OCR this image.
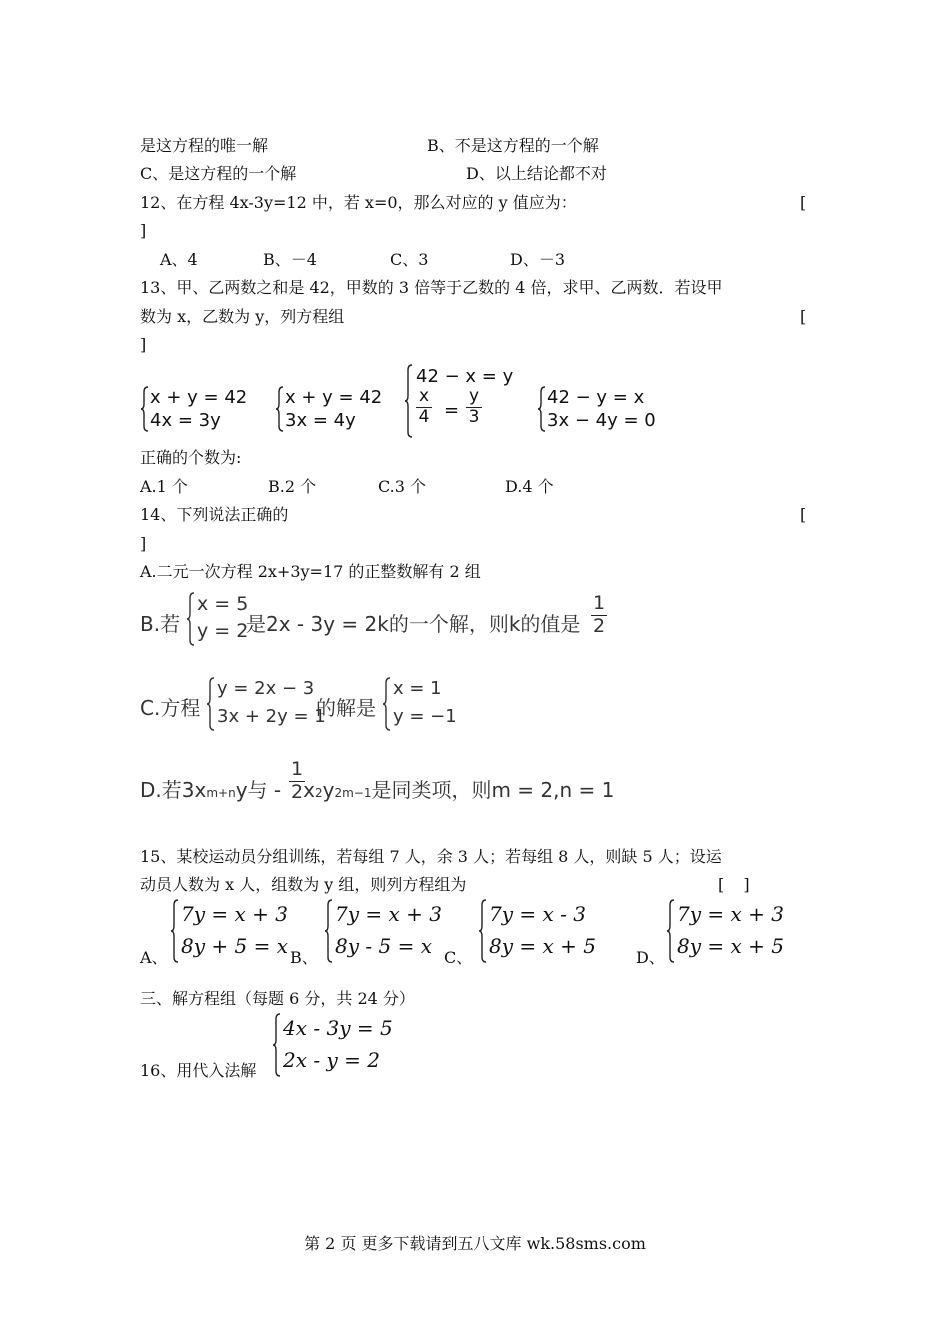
是这方程的唯一解	B、不是这方程的一个解
C、是这方程的一个解	D、以上结论都不对
12、在方程 4x-3y=12 中，若 x=0，那么对应的 y 值应为：	[
]
A、4	B、－4	C、3	D、－3
13、甲、乙两数之和是 42，甲数的 3 倍等于乙数的 4 倍，求甲、乙两数．若设甲
数为 x，乙数为 y，列方程组	[
]
x + y = 42
4x = 3y
x + y = 42
3x = 4y
42 − x = y
x
4 =
y
3
42 − y = x
3x − 4y = 0
正确的个数为:
A.1 个	B.2 个	C.3 个	D.4 个
14、下列说法正确的	[
]
A.二元一次方程 2x+3y=17 的正整数解有 2 组
B.若
x = 5
y = 2
是2x - 3y = 2k的一个解，则k的值是
1
2
C.方程
y = 2x − 3
3x + 2y = 1
的解是
x = 1
y = −1
D.若$3x^{m+n}y$与 - $x^2y^{2m-1}$是同类项，则m = 2,n = 1
1
2
15、某校运动员分组训练，若每组 7 人，余 3 人；若每组 8 人，则缺 5 人；设运
动员人数为 x 人，组数为 y 组，则列方程组为	[ ]
A、
7y = x + 3
8y + 5 = x B、
7y = x + 3
8y - 5 = x C、
7y = x - 3
8y = x + 5	D、
7y = x + 3
8y = x + 5
三、解方程组（每题 6 分，共 24 分）
16、用代入法解
4x - 3y = 5
2x - y = 2
第 2 页 更多下载请到五八文库 wk.58sms.com
